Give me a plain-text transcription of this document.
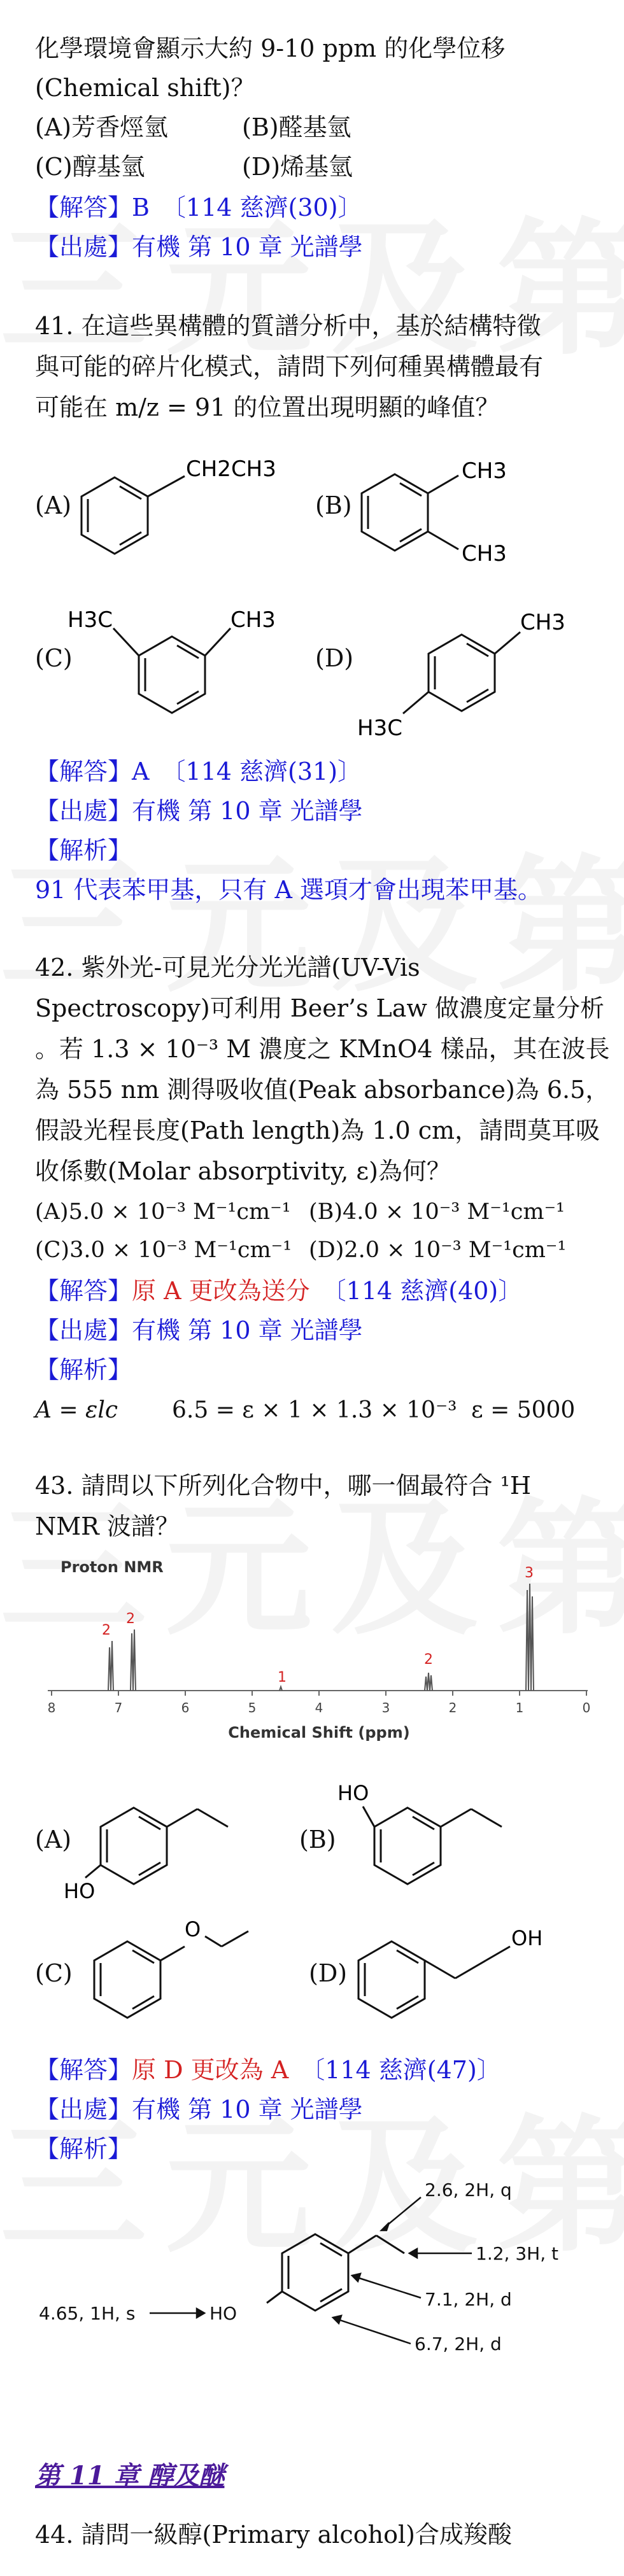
化學環境會顯示大約 9-10 ppm 的化學位移
(Chemical shift)？
(A)芳香烴氫	(B)醛基氫
(C)醇基氫	(D)烯基氫
【解答】B　〔114 慈濟(30)〕
【出處】有機 第 10 章 光譜學
41. 在這些異構體的質譜分析中，基於結構特徵
與可能的碎片化模式，請問下列何種異構體最有
可能在 m/z = 91 的位置出現明顯的峰值？
(A)
CH2CH3
(B)
CH3
CH3
(C)
H3C	CH3
(D)
CH3
H3C
【解答】A　〔114 慈濟(31)〕
【出處】有機 第 10 章 光譜學
【解析】
91 代表苯甲基，只有 A 選項才會出現苯甲基。
42. 紫外光-可見光分光光譜(UV-Vis
Spectroscopy)可利用 Beer’s Law 做濃度定量分析
。若 1.3 × 10⁻³ M 濃度之 KMnO4 樣品，其在波長
為 555 nm 測得吸收值(Peak absorbance)為 6.5，
假設光程長度(Path length)為 1.0 cm，請問莫耳吸
收係數(Molar absorptivity, ε)為何？
(A)5.0 × 10⁻³ M⁻¹cm⁻¹ (B)4.0 × 10⁻³ M⁻¹cm⁻¹
(C)3.0 × 10⁻³ M⁻¹cm⁻¹ (D)2.0 × 10⁻³ M⁻¹cm⁻¹
【解答】原 A 更改為送分　 〔114 慈濟(40)〕
【出處】有機 第 10 章 光譜學
【解析】
A = εlc 6.5 = ε × 1 × 1.3 × 10⁻³ ε = 5000
43. 請問以下所列化合物中，哪一個最符合 ¹H
NMR 波譜？
Proton NMR
8	7	6	5	4	3	2	1	0
2
2
1
2
3
Chemical Shift (ppm)
(A)
HO
(B)
HO
(C)
O
(D)
OH
【解答】原 D 更改為 A　 〔114 慈濟(47)〕
【出處】有機 第 10 章 光譜學
【解析】
2.6, 2H, q
1.2, 3H, t
7.1, 2H, d
6.7, 2H, d
4.65, 1H, s	HO
第 11 章 醇及醚
44. 請問一級醇(Primary alcohol)合成羧酸
